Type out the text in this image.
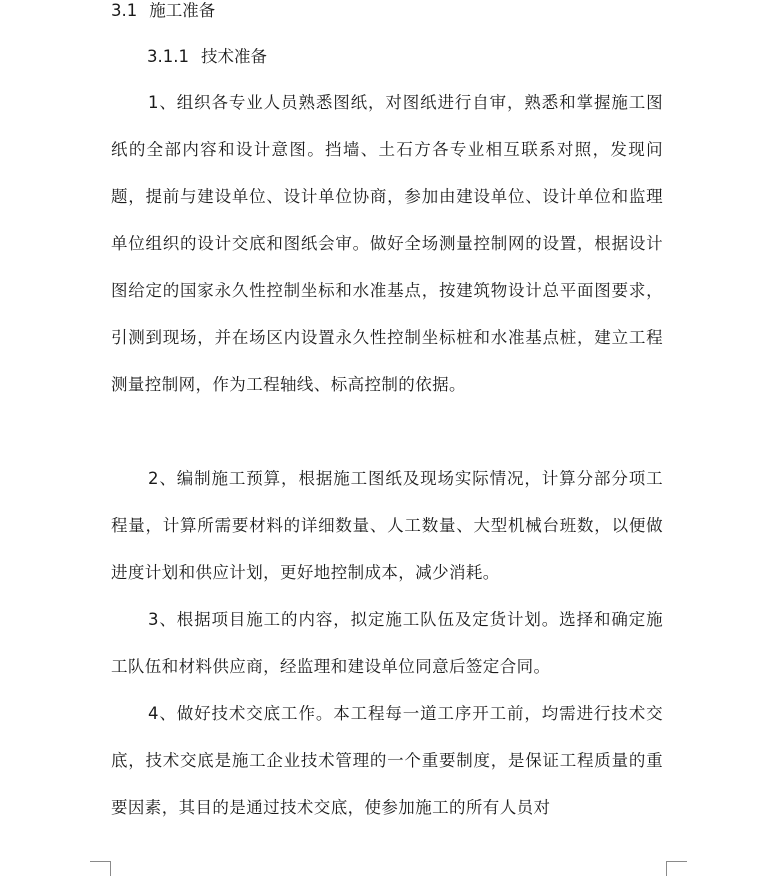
3.1 施工准备
3.1.1 技术准备

1、组织各专业人员熟悉图纸，对图纸进行自审，熟悉和掌握施工图纸的全部内容和设计意图。挡墙、土石方各专业相互联系对照，发现问题，提前与建设单位、设计单位协商，参加由建设单位、设计单位和监理单位组织的设计交底和图纸会审。做好全场测量控制网的设置，根据设计图给定的国家永久性控制坐标和水准基点，按建筑物设计总平面图要求，引测到现场，并在场区内设置永久性控制坐标桩和水准基点桩，建立工程测量控制网，作为工程轴线、标高控制的依据。

2、编制施工预算，根据施工图纸及现场实际情况，计算分部分项工程量，计算所需要材料的详细数量、人工数量、大型机械台班数，以便做进度计划和供应计划，更好地控制成本，减少消耗。

3、根据项目施工的内容，拟定施工队伍及定货计划。选择和确定施工队伍和材料供应商，经监理和建设单位同意后签定合同。

4、做好技术交底工作。本工程每一道工序开工前，均需进行技术交底，技术交底是施工企业技术管理的一个重要制度，是保证工程质量的重要因素，其目的是通过技术交底，使参加施工的所有人员对
